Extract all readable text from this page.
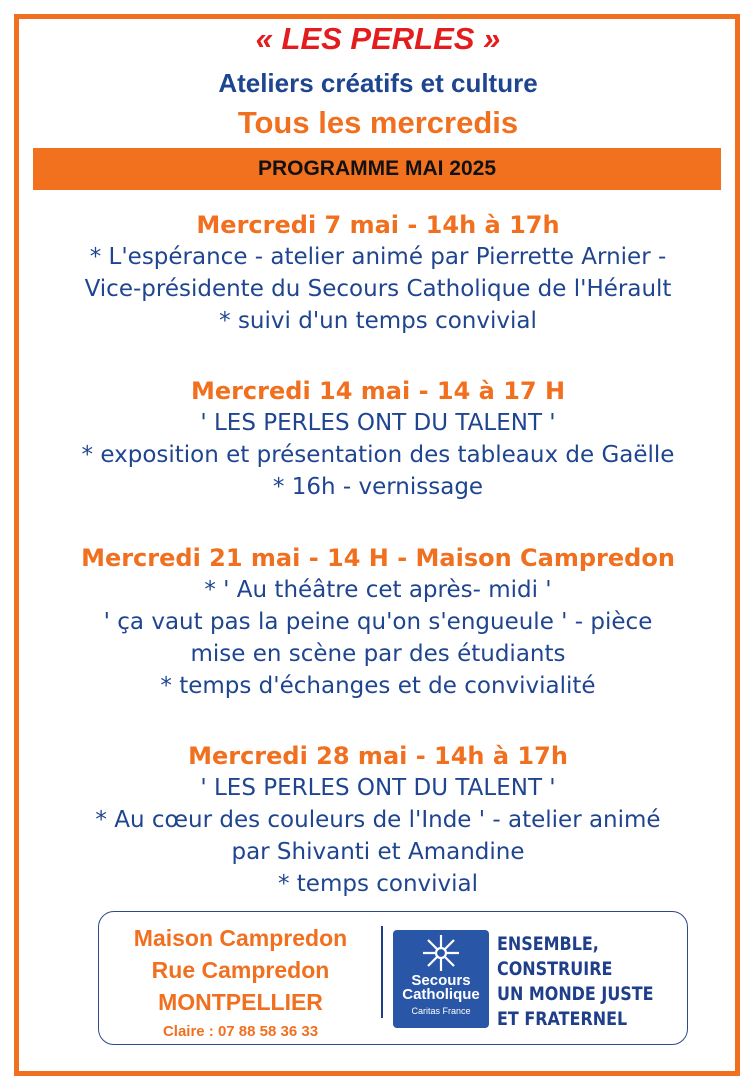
« LES PERLES »
Ateliers créatifs et culture
Tous les mercredis
PROGRAMME MAI 2025
Mercredi 7 mai - 14h à 17h
* L'espérance - atelier animé par Pierrette Arnier -
Vice-présidente du Secours Catholique de l'Hérault
* suivi d'un temps convivial
Mercredi 14 mai - 14 à 17 H
' LES PERLES ONT DU TALENT '
* exposition et présentation des tableaux de Gaëlle
* 16h - vernissage
Mercredi 21 mai - 14 H - Maison Campredon
* ' Au théâtre cet après- midi '
' ça vaut pas la peine qu'on s'engueule ' - pièce
mise en scène par des étudiants
* temps d'échanges et de convivialité
Mercredi 28 mai - 14h à 17h
' LES PERLES ONT DU TALENT '
* Au cœur des couleurs de l'Inde ' - atelier animé
par Shivanti et Amandine
* temps convivial
Maison Campredon
Rue Campredon
MONTPELLIER
Claire : 07 88 58 36 33
Secours
Catholique
Caritas France
ENSEMBLE,
CONSTRUIRE
UN MONDE JUSTE
ET FRATERNEL
